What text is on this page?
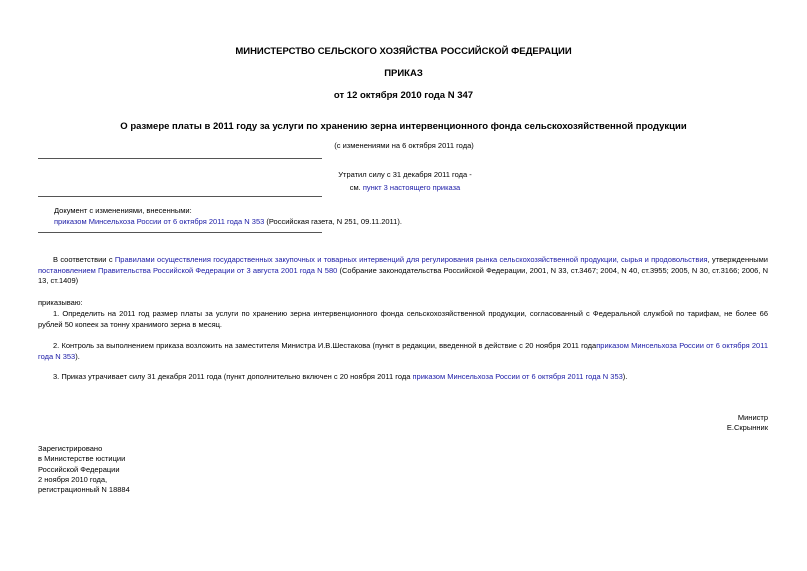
МИНИСТЕРСТВО СЕЛЬСКОГО ХОЗЯЙСТВА РОССИЙСКОЙ ФЕДЕРАЦИИ
ПРИКАЗ
от 12 октября 2010 года N 347
О размере платы в 2011 году за услуги по хранению зерна интервенционного фонда сельскохозяйственной продукции
(с изменениями на 6 октября 2011 года)
Утратил силу с 31 декабря 2011 года -
см. пункт 3 настоящего приказа
Документ с изменениями, внесенными:
приказом Минсельхоза России от 6 октября 2011 года N 353 (Российская газета, N 251, 09.11.2011).
В соответствии с Правилами осуществления государственных закупочных и товарных интервенций для регулирования рынка сельскохозяйственной продукции, сырья и продовольствия, утвержденными постановлением Правительства Российской Федерации от 3 августа 2001 года N 580 (Собрание законодательства Российской Федерации, 2001, N 33, ст.3467; 2004, N 40, ст.3955; 2005, N 30, ст.3166; 2006, N 13, ст.1409)
приказываю:
1. Определить на 2011 год размер платы за услуги по хранению зерна интервенционного фонда сельскохозяйственной продукции, согласованный с Федеральной службой по тарифам, не более 66 рублей 50 копеек за тонну хранимого зерна в месяц.
2. Контроль за выполнением приказа возложить на заместителя Министра И.В.Шестакова (пункт в редакции, введенной в действие с 20 ноября 2011 годаприказом Минсельхоза России от 6 октября 2011 года N 353).
3. Приказ утрачивает силу 31 декабря 2011 года (пункт дополнительно включен с 20 ноября 2011 года приказом Минсельхоза России от 6 октября 2011 года N 353).
Министр
Е.Скрынник
Зарегистрировано
в Министерстве юстиции
Российской Федерации
2 ноября 2010 года,
регистрационный N 18884
